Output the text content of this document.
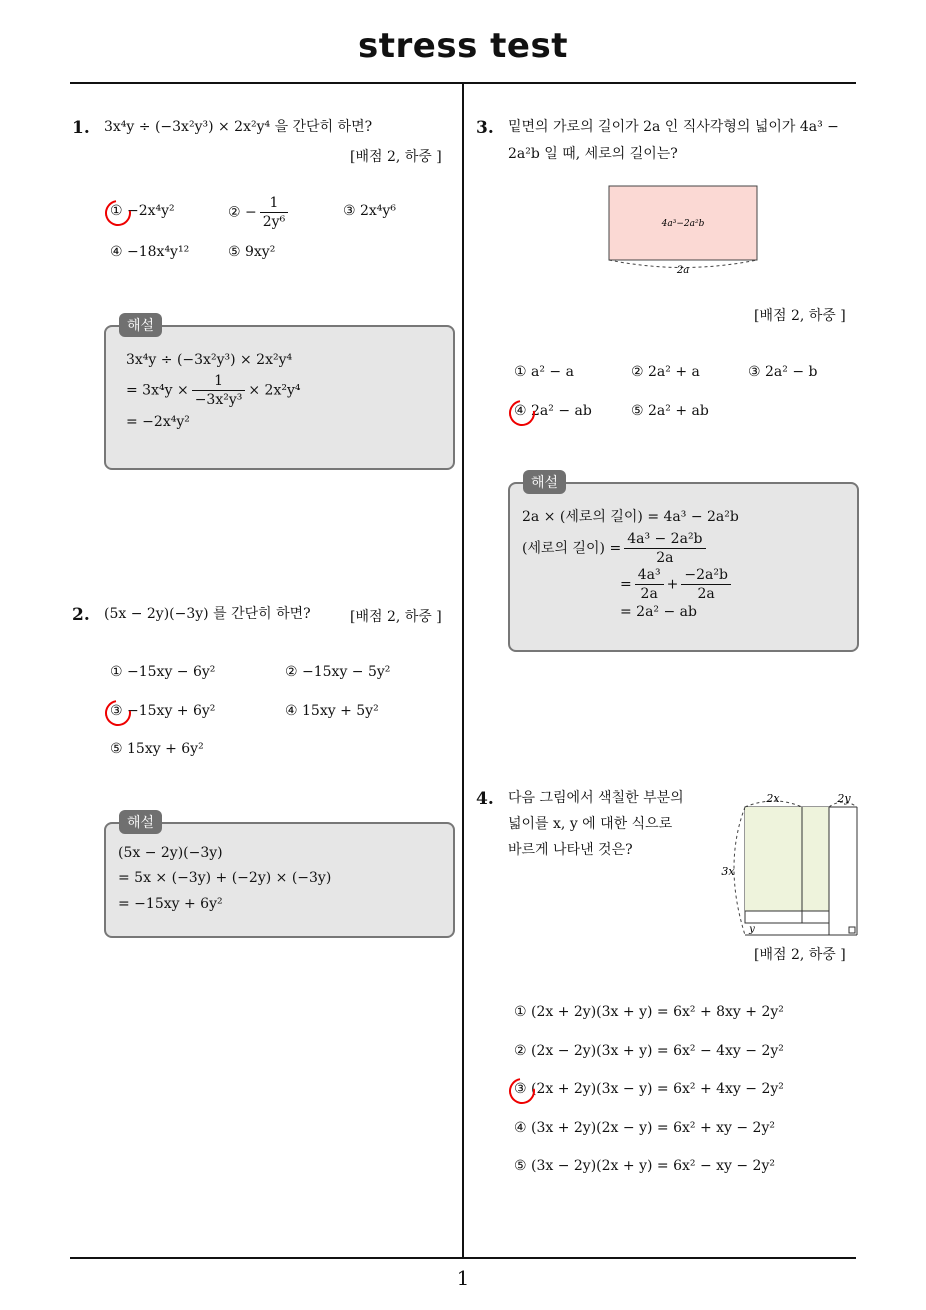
stress test
1
1. 3x⁴y ÷ (−3x²y³) × 2x²y⁴ 을 간단히 하면?
[배점 2, 하중 ]
① −2x⁴y²	② − $\frac{1}{\text{2y⁶}}$	③ 2x⁴y⁶
④ −18x⁴y¹²	⑤ 9xy²
해설
3x⁴y ÷ (−3x²y³) × 2x²y⁴
= $3x^4y \times \frac{1}{\text{−3x²y³}} \times 2x^2y^4$
= −2x⁴y²
2. (5x − 2y)(−3y) 를 간단히 하면?	[배점 2, 하중 ]
① −15xy − 6y²	② −15xy − 5y²
③ −15xy + 6y²	④ 15xy + 5y²
⑤ 15xy + 6y²
해설
(5x − 2y)(−3y)
= 5x × (−3y) + (−2y) × (−3y)
= −15xy + 6y²
3. 밑면의 가로의 길이가 2a 인 직사각형의 넓이가 4a³ −
2a²b 일 때, 세로의 길이는?
4a³−2a²b
2a
[배점 2, 하중 ]
① a² − a	② 2a² + a	③ 2a² − b
④ 2a² − ab	⑤ 2a² + ab
해설
2a × (세로의 길이) = 4a³ − 2a²b
(세로의 길이) = $\frac{\text{4a³ − 2a²b}}{2a}$
= $\frac{\text{4a³}}{2a} + \frac{\text{−2a²b}}{2a}$
= 2a² − ab
4. 다음 그림에서 색칠한 부분의
넓이를 x, y 에 대한 식으로
바르게 나타낸 것은?
2x	2y
3x
y
[배점 2, 하중 ]
① (2x + 2y)(3x + y) = 6x² + 8xy + 2y²
② (2x − 2y)(3x + y) = 6x² − 4xy − 2y²
③ (2x + 2y)(3x − y) = 6x² + 4xy − 2y²
④ (3x + 2y)(2x − y) = 6x² + xy − 2y²
⑤ (3x − 2y)(2x + y) = 6x² − xy − 2y²
